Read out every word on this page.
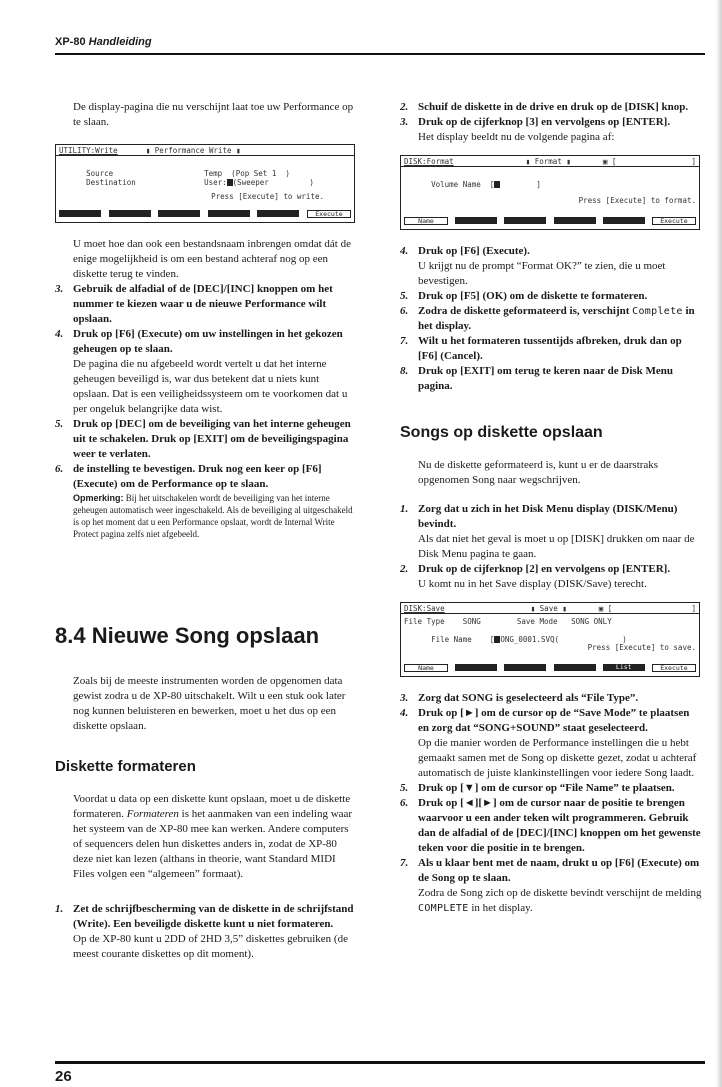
XP-80 Handleiding

De display-pagina die nu verschijnt laat toe uw Performance op te slaan.

UTILITY:Write	▮ Performance Write ▮

Source	Temp  (Pop Set 1  )

Destination	User: (Sweeper         )

Press [Execute] to write.
Execute

U moet hoe dan ook een bestandsnaam inbrengen omdat dát de enige mogelijkheid is om een bestand achteraf nog op een diskette terug te vinden.

3. Gebruik de alfadial of de [DEC]/[INC] knoppen om het nummer te kiezen waar u de nieuwe Performance wilt opslaan.
4. Druk op [F6] (Execute) om uw instellingen in het gekozen geheugen op te slaan.

De pagina die nu afgebeeld wordt vertelt u dat het interne geheugen beveiligd is, war dus betekent dat u niets kunt opslaan. Dat is een veiligheidssysteem om te voorkomen dat u per ongeluk belangrijke data wist.

5. Druk op [DEC] om de beveiliging van het interne geheugen uit te schakelen. Druk op [EXIT] om de beveiligingspagina weer te verlaten.
6. de instelling te bevestigen. Druk nog een keer op [F6] (Execute) om de Performance op te slaan.

Opmerking: Bij het uitschakelen wordt de beveiliging van het interne geheugen automatisch weer ingeschakeld. Als de beveiliging al uitgeschakeld is op het moment dat u een Performance opslaat, wordt de Internal Write Protect pagina zelfs niet afgebeeld.

8.4 Nieuwe Song opslaan

Zoals bij de meeste instrumenten worden de opgenomen data gewist zodra u de XP-80 uitschakelt. Wilt u een stuk ook later nog kunnen beluisteren en bewerken, moet u het dus op een diskette opslaan.

Diskette formateren

Voordat u data op een diskette kunt opslaan, moet u de diskette formateren. Formateren is het aanmaken van een indeling waar het systeem van de XP-80 mee kan werken. Andere computers of sequencers delen hun diskettes anders in, zodat de XP-80 deze niet kan lezen (althans in theorie, want Standard MIDI Files volgen een “algemeen” formaat).

1. Zet de schrijfbescherming van de diskette in de schrijfstand (Write). Een beveiligde diskette kunt u niet formateren.

Op de XP-80 kunt u 2DD of 2HD 3,5” diskettes gebruiken (de meest courante diskettes op dit moment).

2. Schuif de diskette in de drive en druk op de [DISK] knop.
3. Druk op de cijferknop [3] en vervolgens op [ENTER].

Het display beeldt nu de volgende pagina af:

DISK:Format	▮ Format ▮	▣ [	]

Volume Name  [        ]

Press [Execute] to format.
Name	Execute
4. Druk op [F6] (Execute).

U krijgt nu de prompt “Format OK?” te zien, die u moet bevestigen.

5. Druk op [F5] (OK) om de diskette te formateren.
6. Zodra de diskette geformateerd is, verschijnt Complete in het display.
7. Wilt u het formateren tussentijds afbreken, druk dan op [F6] (Cancel).
8. Druk op [EXIT] om terug te keren naar de Disk Menu pagina.
Songs op diskette opslaan

Nu de diskette geformateerd is, kunt u er de daarstraks opgenomen Song naar wegschrijven.

1. Zorg dat u zich in het Disk Menu display (DISK/Menu) bevindt.

Als dat niet het geval is moet u op [DISK] drukken om naar de Disk Menu pagina te gaan.

2. Druk op de cijferknop [2] en vervolgens op [ENTER].

U komt nu in het Save display (DISK/Save) terecht.

DISK:Save	▮ Save ▮	▣ [	]
File Type    SONG        Save Mode   SONG ONLY

File Name    [ ONG_0001.SVQ(              )

Press [Execute] to save.
Name	List	Execute
3. Zorg dat SONG is geselecteerd als “File Type”.
4. Druk op [►] om de cursor op de “Save Mode” te plaatsen en zorg dat “SONG+SOUND” staat geselecteerd.

Op die manier worden de Performance instellingen die u hebt gemaakt samen met de Song op diskette gezet, zodat u achteraf automatisch de juiste klankinstellingen voor iedere Song laadt.

5. Druk op [▼] om de cursor op “File Name” te plaatsen.
6. Druk op [◄][►] om de cursor naar de positie te brengen waarvoor u een ander teken wilt programmeren. Gebruik dan de alfadial of de [DEC]/[INC] knoppen om het gewenste teken voor die positie in te brengen.
7. Als u klaar bent met de naam, drukt u op [F6] (Execute) om de Song op te slaan.

Zodra de Song zich op de diskette bevindt verschijnt de melding COMPLETE in het display.

26
